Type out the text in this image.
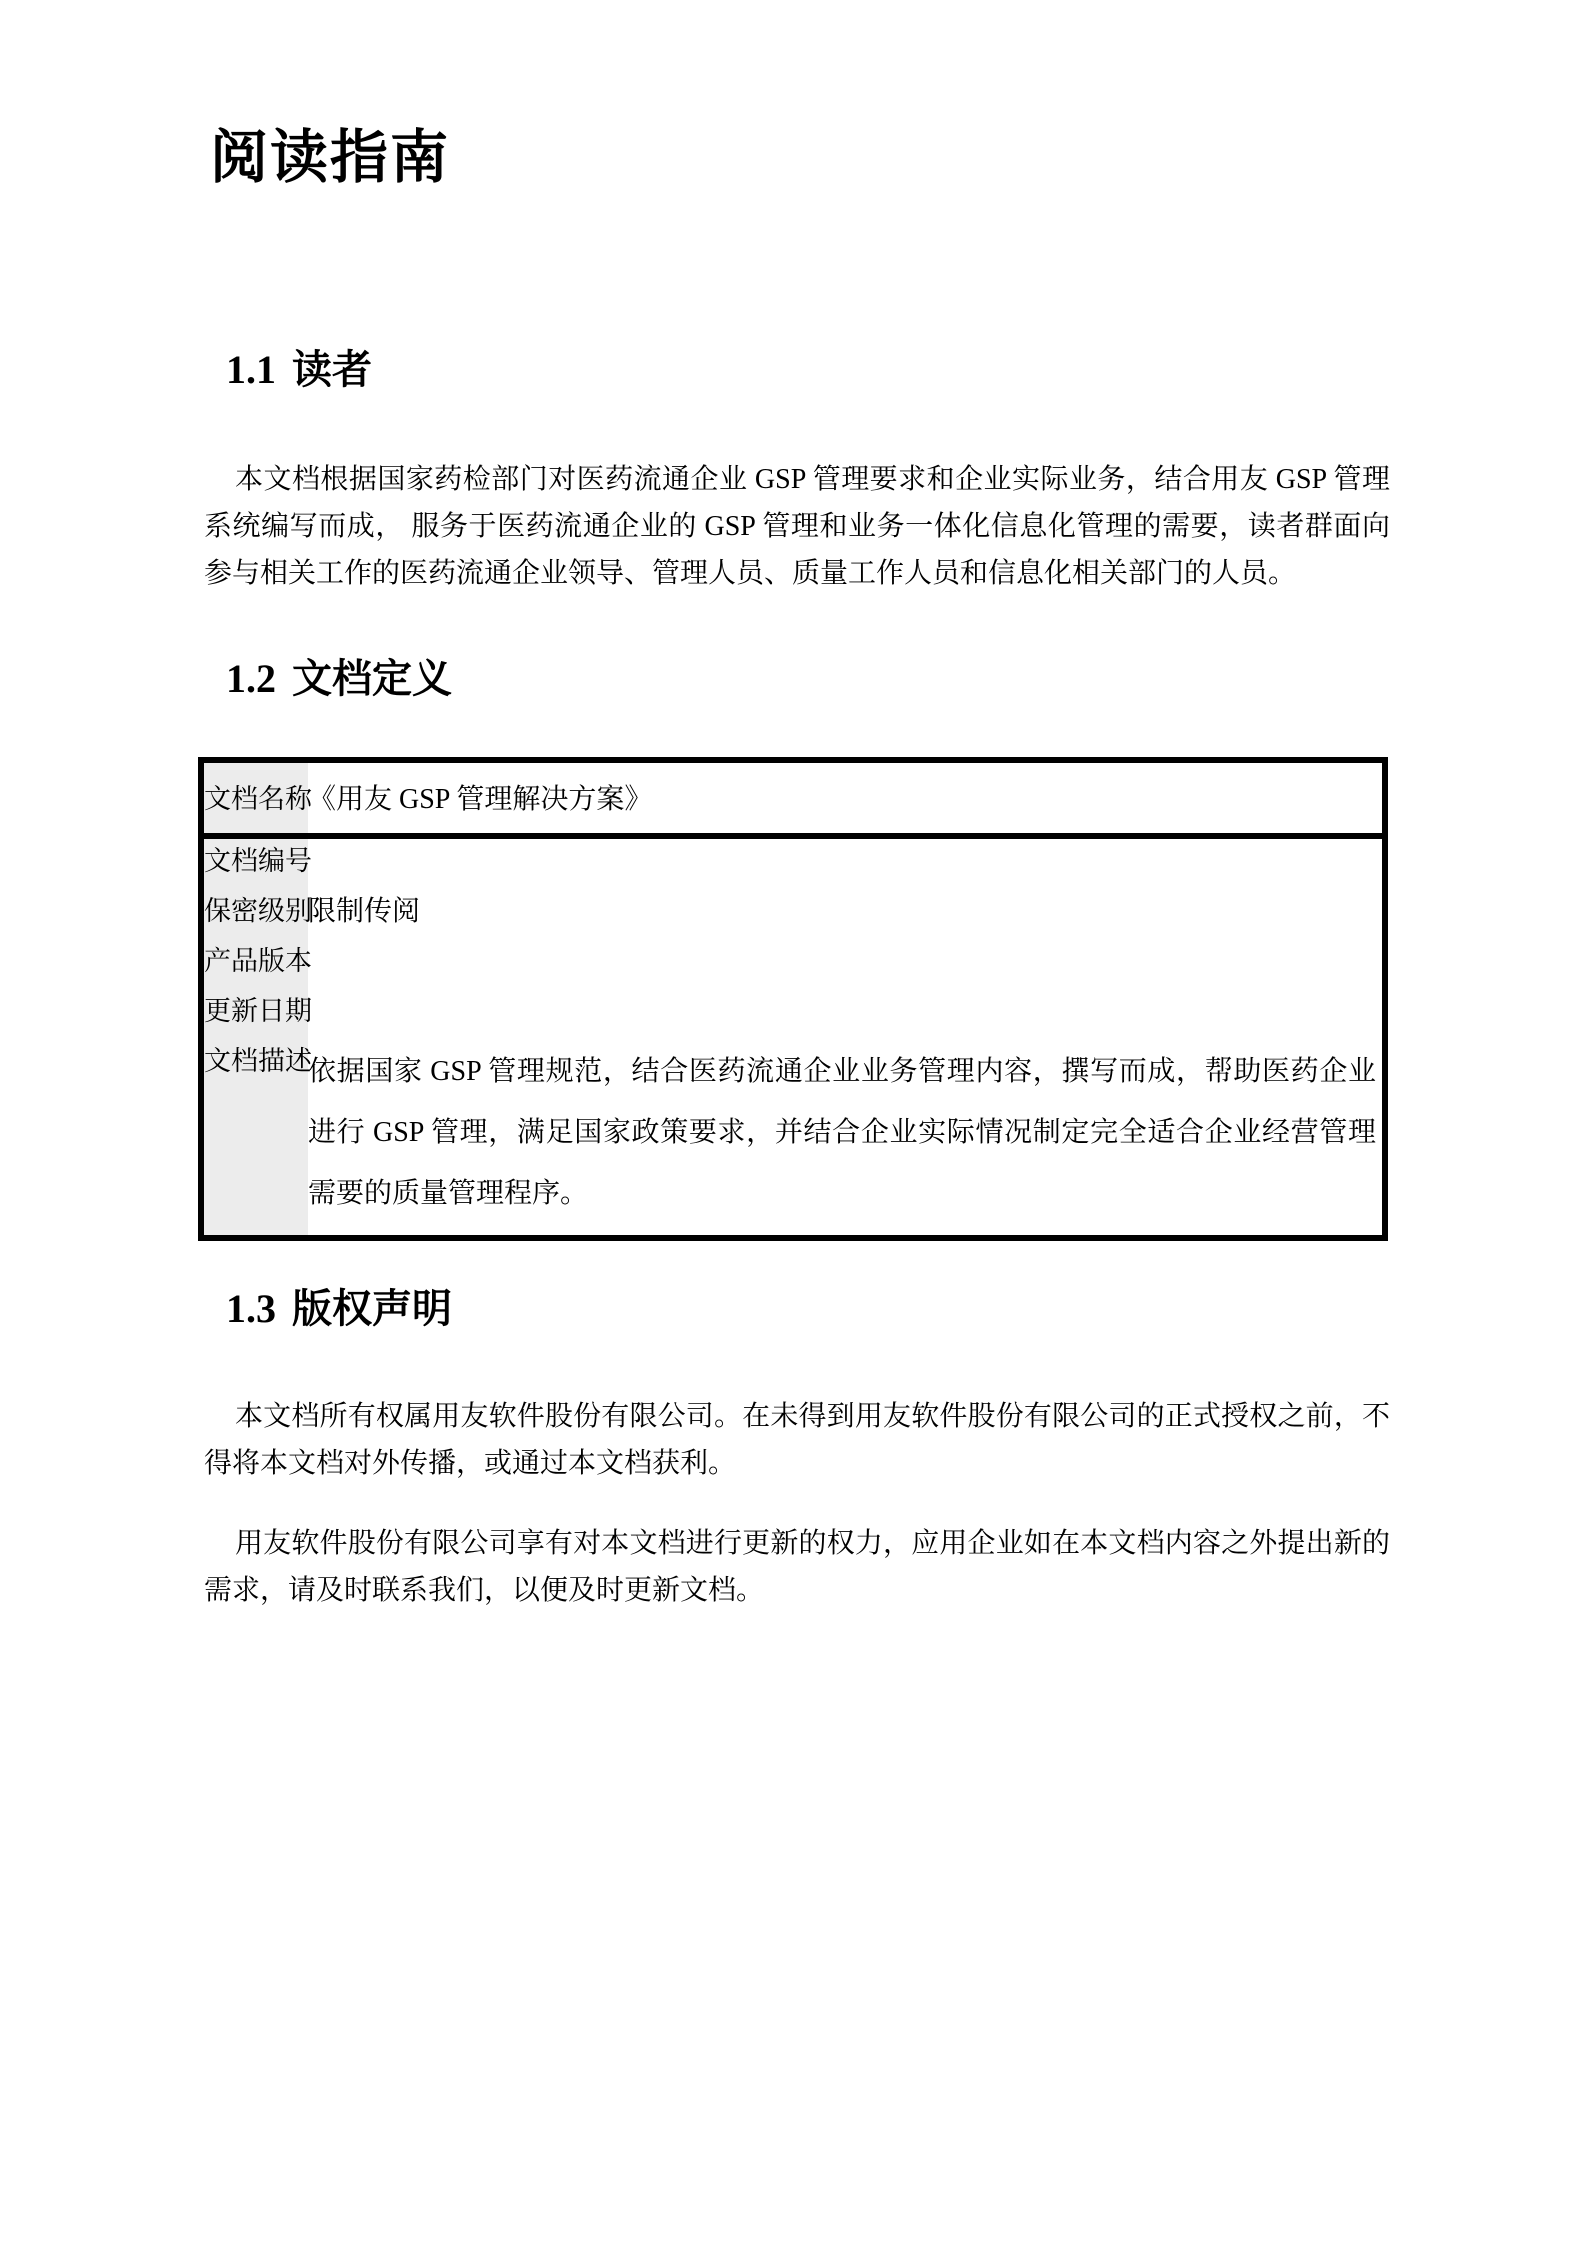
阅读指南
1.1 读者

本文档根据国家药检部门对医药流通企业 GSP 管理要求和企业实际业务，结合用友 GSP 管理系统编写而成， 服务于医药流通企业的 GSP 管理和业务一体化信息化管理的需要，读者群面向参与相关工作的医药流通企业领导、管理人员、质量工作人员和信息化相关部门的人员。

1.2 文档定义
文档名称	《用友 GSP 管理解决方案》
文档编号	
保密级别	限制传阅
产品版本	
更新日期	
文档描述	依据国家 GSP 管理规范，结合医药流通企业业务管理内容，撰写而成，帮助医药企业进行 GSP 管理，满足国家政策要求，并结合企业实际情况制定完全适合企业经营管理需要的质量管理程序。
1.3 版权声明

本文档所有权属用友软件股份有限公司。在未得到用友软件股份有限公司的正式授权之前，不得将本文档对外传播，或通过本文档获利。

用友软件股份有限公司享有对本文档进行更新的权力，应用企业如在本文档内容之外提出新的需求，请及时联系我们，以便及时更新文档。
